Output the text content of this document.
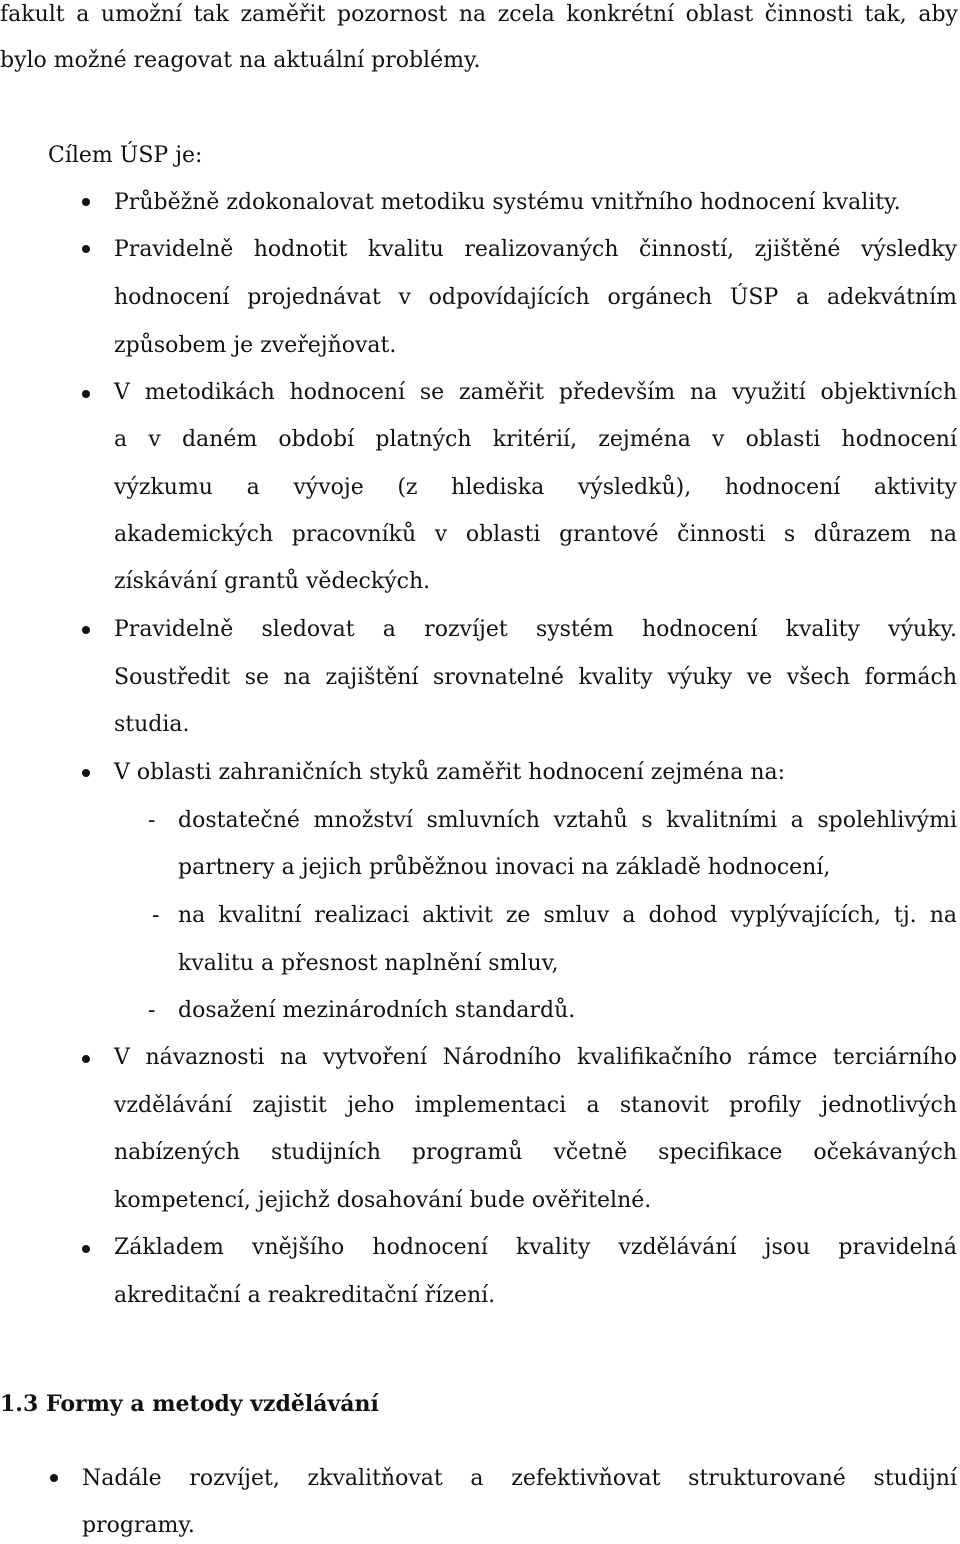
fakult a umožní tak zaměřit pozornost na zcela konkrétní oblast činnosti tak, aby
bylo možné reagovat na aktuální problémy.
Cílem ÚSP je:
Průběžně zdokonalovat metodiku systému vnitřního hodnocení kvality.
Pravidelně hodnotit kvalitu realizovaných činností, zjištěné výsledky
hodnocení projednávat v odpovídajících orgánech ÚSP a adekvátním
způsobem je zveřejňovat.
V metodikách hodnocení se zaměřit především na využití objektivních
a v daném období platných kritérií, zejména v oblasti hodnocení
výzkumu a vývoje (z hlediska výsledků), hodnocení aktivity
akademických pracovníků v oblasti grantové činnosti s důrazem na
získávání grantů vědeckých.
Pravidelně sledovat a rozvíjet systém hodnocení kvality výuky.
Soustředit se na zajištění srovnatelné kvality výuky ve všech formách
studia.
V oblasti zahraničních styků zaměřit hodnocení zejména na:
- dostatečné množství smluvních vztahů s kvalitními a spolehlivými
partnery a jejich průběžnou inovaci na základě hodnocení,
- na kvalitní realizaci aktivit ze smluv a dohod vyplývajících, tj. na
kvalitu a přesnost naplnění smluv,
- dosažení mezinárodních standardů.
V návaznosti na vytvoření Národního kvalifikačního rámce terciárního
vzdělávání zajistit jeho implementaci a stanovit profily jednotlivých
nabízených studijních programů včetně specifikace očekávaných
kompetencí, jejichž dosahování bude ověřitelné.
Základem vnějšího hodnocení kvality vzdělávání jsou pravidelná
akreditační a reakreditační řízení.
1.3 Formy a metody vzdělávání
Nadále rozvíjet, zkvalitňovat a zefektivňovat strukturované studijní
programy.
